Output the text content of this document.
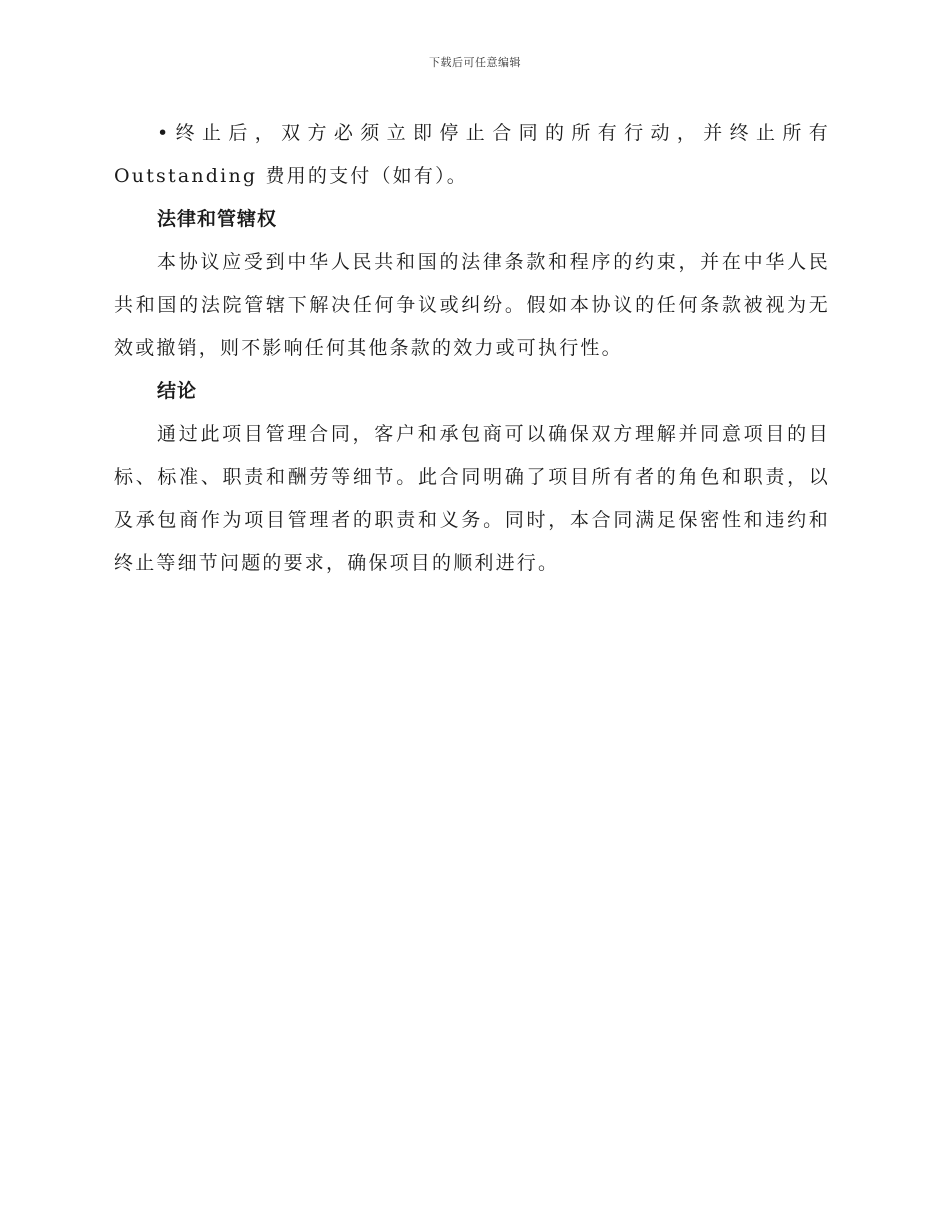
下载后可任意编辑

•终止后，双方必须立即停止合同的所有行动，并终止所有 Outstanding 费用的支付（如有）。

法律和管辖权

本协议应受到中华人民共和国的法律条款和程序的约束，并在中华人民共和国的法院管辖下解决任何争议或纠纷。假如本协议的任何条款被视为无效或撤销，则不影响任何其他条款的效力或可执行性。

结论

通过此项目管理合同，客户和承包商可以确保双方理解并同意项目的目标、标准、职责和酬劳等细节。此合同明确了项目所有者的角色和职责，以及承包商作为项目管理者的职责和义务。同时，本合同满足保密性和违约和终止等细节问题的要求，确保项目的顺利进行。
